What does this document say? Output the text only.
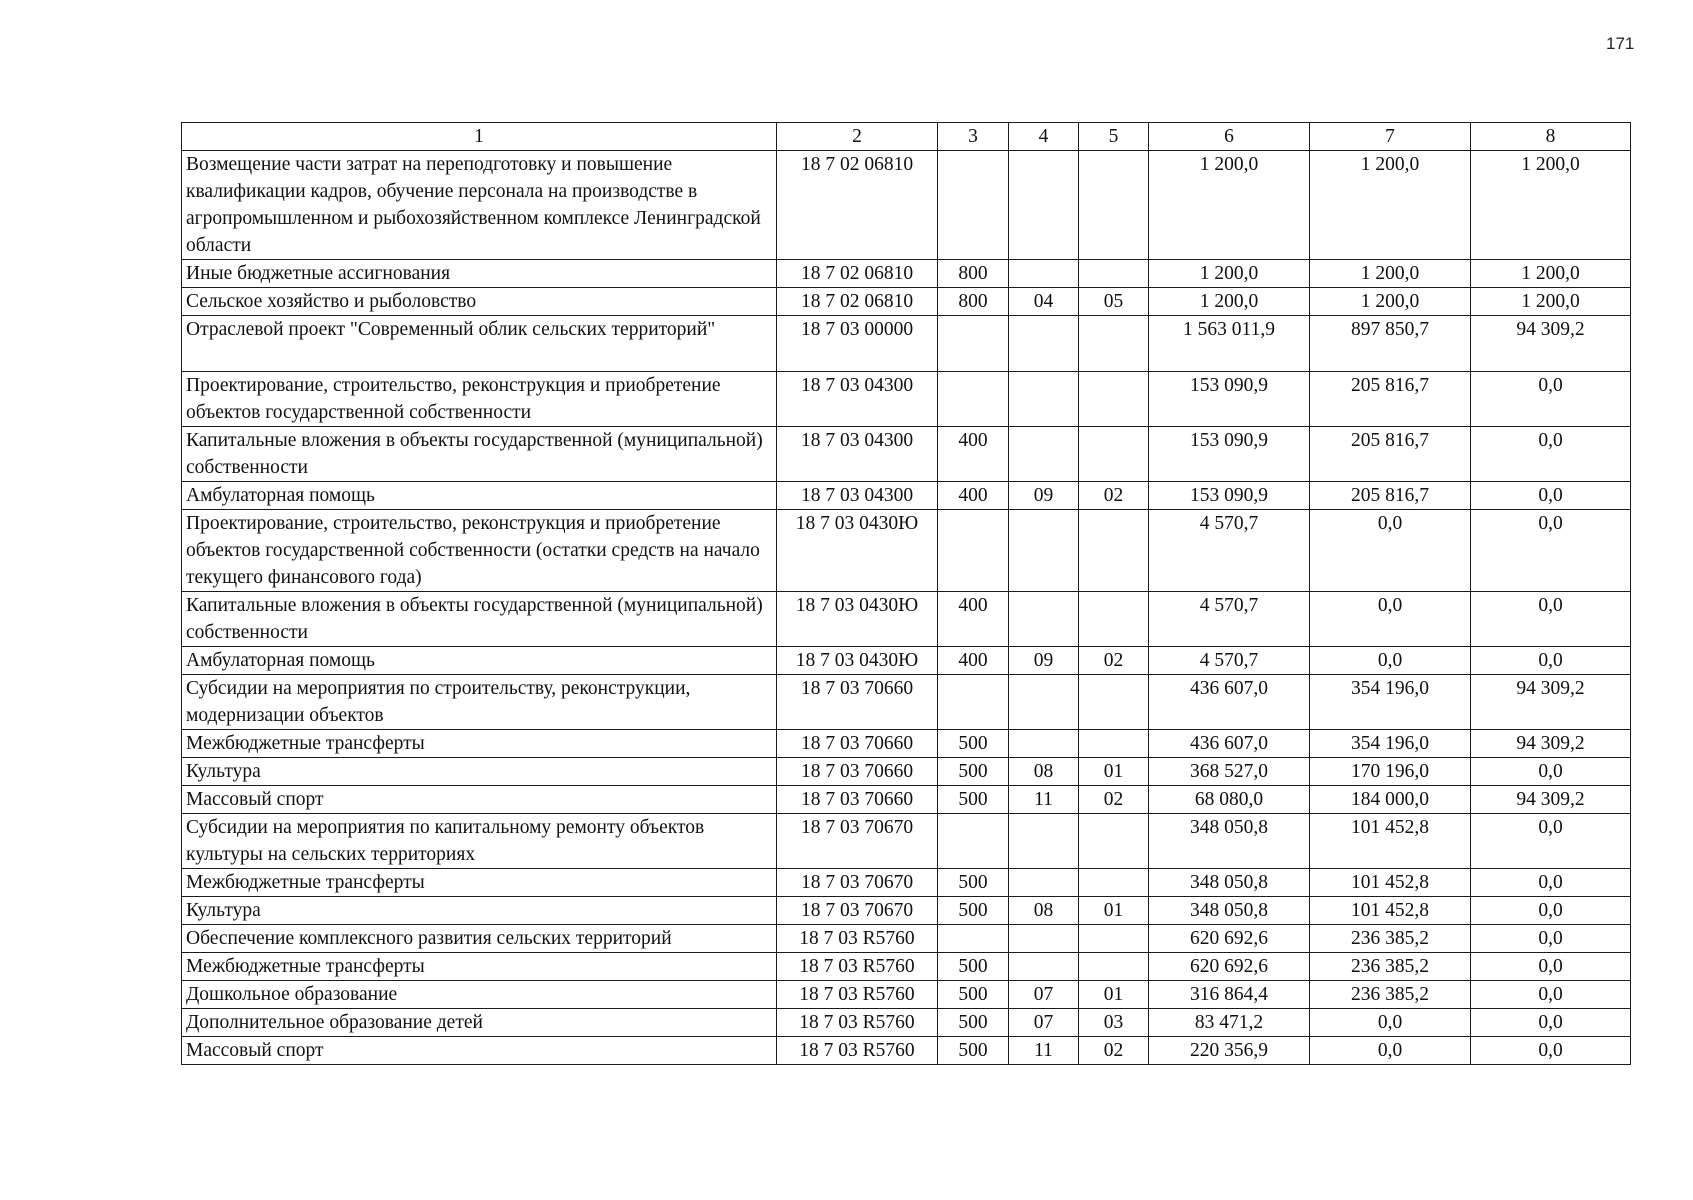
171
1	2	3	4	5	6	7	8
Возмещение части затрат на переподготовку и повышение квалификации кадров, обучение персонала на производстве в агропромышленном и рыбохозяйственном комплексе Ленинградской области	18 7 02 06810				1 200,0	1 200,0	1 200,0
Иные бюджетные ассигнования	18 7 02 06810	800			1 200,0	1 200,0	1 200,0
Сельское хозяйство и рыболовство	18 7 02 06810	800	04	05	1 200,0	1 200,0	1 200,0
Отраслевой проект "Современный облик сельских территорий"	18 7 03 00000				1 563 011,9	897 850,7	94 309,2
Проектирование, строительство, реконструкция и приобретение объектов государственной собственности	18 7 03 04300				153 090,9	205 816,7	0,0
Капитальные вложения в объекты государственной (муниципальной) собственности	18 7 03 04300	400			153 090,9	205 816,7	0,0
Амбулаторная помощь	18 7 03 04300	400	09	02	153 090,9	205 816,7	0,0
Проектирование, строительство, реконструкция и приобретение объектов государственной собственности (остатки средств на начало текущего финансового года)	18 7 03 0430Ю				4 570,7	0,0	0,0
Капитальные вложения в объекты государственной (муниципальной) собственности	18 7 03 0430Ю	400			4 570,7	0,0	0,0
Амбулаторная помощь	18 7 03 0430Ю	400	09	02	4 570,7	0,0	0,0
Субсидии на мероприятия по строительству, реконструкции, модернизации объектов	18 7 03 70660				436 607,0	354 196,0	94 309,2
Межбюджетные трансферты	18 7 03 70660	500			436 607,0	354 196,0	94 309,2
Культура	18 7 03 70660	500	08	01	368 527,0	170 196,0	0,0
Массовый спорт	18 7 03 70660	500	11	02	68 080,0	184 000,0	94 309,2
Субсидии на мероприятия по капитальному ремонту объектов культуры на сельских территориях	18 7 03 70670				348 050,8	101 452,8	0,0
Межбюджетные трансферты	18 7 03 70670	500			348 050,8	101 452,8	0,0
Культура	18 7 03 70670	500	08	01	348 050,8	101 452,8	0,0
Обеспечение комплексного развития сельских территорий	18 7 03 R5760				620 692,6	236 385,2	0,0
Межбюджетные трансферты	18 7 03 R5760	500			620 692,6	236 385,2	0,0
Дошкольное образование	18 7 03 R5760	500	07	01	316 864,4	236 385,2	0,0
Дополнительное образование детей	18 7 03 R5760	500	07	03	83 471,2	0,0	0,0
Массовый спорт	18 7 03 R5760	500	11	02	220 356,9	0,0	0,0
